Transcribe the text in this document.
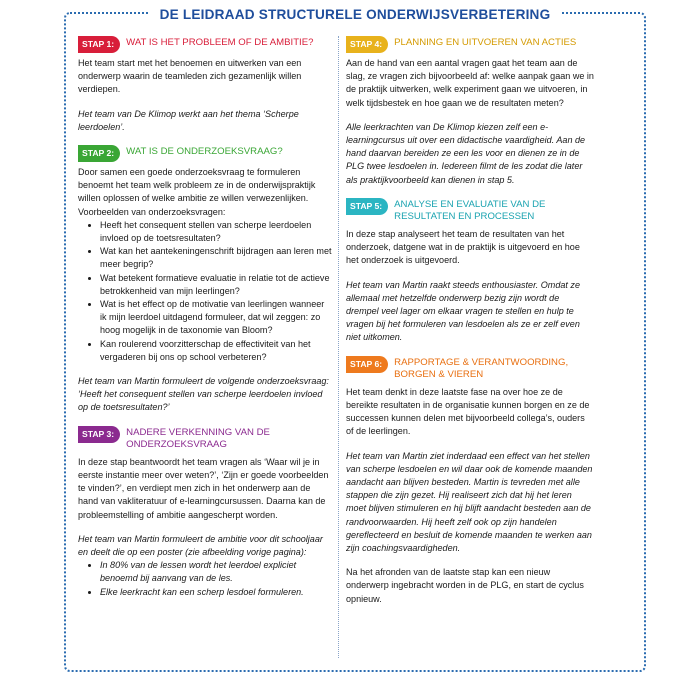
DE LEIDRAAD STRUCTURELE ONDERWIJSVERBETERING
STAP 1:	WAT IS HET PROBLEEM OF DE AMBITIE?

Het team start met het benoemen en uitwerken van een onderwerp waarin de teamleden zich gezamenlijk willen verdiepen.

Het team van De Klimop werkt aan het thema ‘Scherpe leerdoelen’.

STAP 2:	WAT IS DE ONDERZOEKSVRAAG?

Door samen een goede onderzoeksvraag te formuleren benoemt het team welk probleem ze in de onderwijspraktijk willen oplossen of welke ambitie ze willen verwezenlijken. Voorbeelden van onderzoeksvragen:

• Heeft het consequent stellen van scherpe leerdoelen invloed op de toetsresultaten?
• Wat kan het aantekeningenschrift bijdragen aan leren met meer begrip?
• Wat betekent formatieve evaluatie in relatie tot de actieve betrokkenheid van mijn leerlingen?
• Wat is het effect op de motivatie van leerlingen wanneer ik mijn leerdoel uitdagend formuleer, dat wil zeggen: zo hoog mogelijk in de taxonomie van Bloom?
• Kan roulerend voorzitterschap de effectiviteit van het vergaderen bij ons op school verbeteren?

Het team van Martin formuleert de volgende onderzoeksvraag: ‘Heeft het consequent stellen van scherpe leerdoelen invloed op de toetsresultaten?’

STAP 3:	NADERE VERKENNING VAN DE ONDERZOEKSVRAAG

In deze stap beantwoordt het team vragen als ‘Waar wil je in eerste instantie meer over weten?’, ‘Zijn er goede voorbeelden te vinden?’, en verdiept men zich in het onderwerp aan de hand van vakliteratuur of e-learningcursussen. Daarna kan de probleemstelling of ambitie aangescherpt worden.

Het team van Martin formuleert de ambitie voor dit schooljaar en deelt die op een poster (zie afbeelding vorige pagina):

• In 80% van de lessen wordt het leerdoel expliciet benoemd bij aanvang van de les.
• Elke leerkracht kan een scherp lesdoel formuleren.
STAP 4:	PLANNING EN UITVOEREN VAN ACTIES

Aan de hand van een aantal vragen gaat het team aan de slag, ze vragen zich bijvoorbeeld af: welke aanpak gaan we in de praktijk uitwerken, welk experiment gaan we uitvoeren, in welk tijdsbestek en hoe gaan we de resultaten meten?

Alle leerkrachten van De Klimop kiezen zelf een e-learningcursus uit over een didactische vaardigheid. Aan de hand daarvan bereiden ze een les voor en dienen ze in de PLG twee lesdoelen in. Iedereen filmt de les zodat die later als praktijkvoorbeeld kan dienen in stap 5.

STAP 5:	ANALYSE EN EVALUATIE VAN DE RESULTATEN EN PROCESSEN

In deze stap analyseert het team de resultaten van het onderzoek, datgene wat in de praktijk is uitgevoerd en hoe het onderzoek is uitgevoerd.

Het team van Martin raakt steeds enthousiaster. Omdat ze allemaal met hetzelfde onderwerp bezig zijn wordt de drempel veel lager om elkaar vragen te stellen en hulp te vragen bij het formuleren van lesdoelen als ze er zelf even niet uitkomen.

STAP 6:	RAPPORTAGE & VERANTWOORDING, BORGEN & VIEREN

Het team denkt in deze laatste fase na over hoe ze de bereikte resultaten in de organisatie kunnen borgen en ze de successen kunnen delen met bijvoorbeeld collega’s, ouders of de leerlingen.

Het team van Martin ziet inderdaad een effect van het stellen van scherpe lesdoelen en wil daar ook de komende maanden aandacht aan blijven besteden. Martin is tevreden met alle stappen die zijn gezet. Hij realiseert zich dat hij het leren moet blijven stimuleren en hij blijft aandacht besteden aan de randvoorwaarden. Hij heeft zelf ook op zijn handelen gereflecteerd en besluit de komende maanden te werken aan zijn coachingsvaardigheden.

Na het afronden van de laatste stap kan een nieuw onderwerp ingebracht worden in de PLG, en start de cyclus opnieuw.
